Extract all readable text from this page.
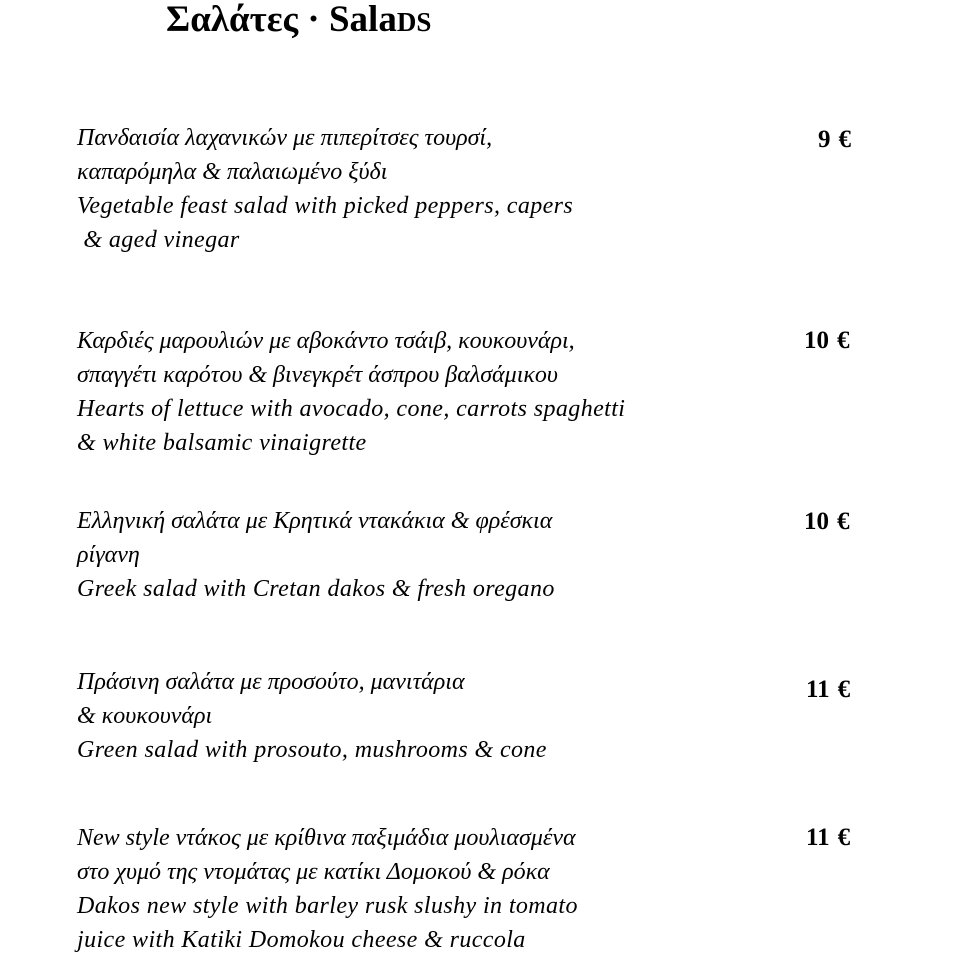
Σαλάτες · SalaDS
Πανδαισία λαχανικών με πιπερίτσες τουρσί,
καπαρόμηλα & παλαιωμένο ξύδι
Vegetable feast salad with picked peppers, capers
& aged vinegar
9 €
Καρδιές μαρουλιών με αβοκάντο τσάιβ, κουκουνάρι,
σπαγγέτι καρότου & βινεγκρέτ άσπρου βαλσάμικου
Hearts of lettuce with avocado, cone, carrots spaghetti
& white balsamic vinaigrette
10 €
Ελληνική σαλάτα με Κρητικά ντακάκια & φρέσκια
ρίγανη
Greek salad with Cretan dakos & fresh oregano
10 €
Πράσινη σαλάτα με προσούτο, μανιτάρια
& κουκουνάρι
Green salad with prosouto, mushrooms & cone
11 €
New style ντάκος με κρίθινα παξιμάδια μουλιασμένα
στο χυμό της ντομάτας με κατίκι Δομοκού & ρόκα
Dakos new style with barley rusk slushy in tomato
juice with Katiki Domokou cheese & ruccola
11 €
